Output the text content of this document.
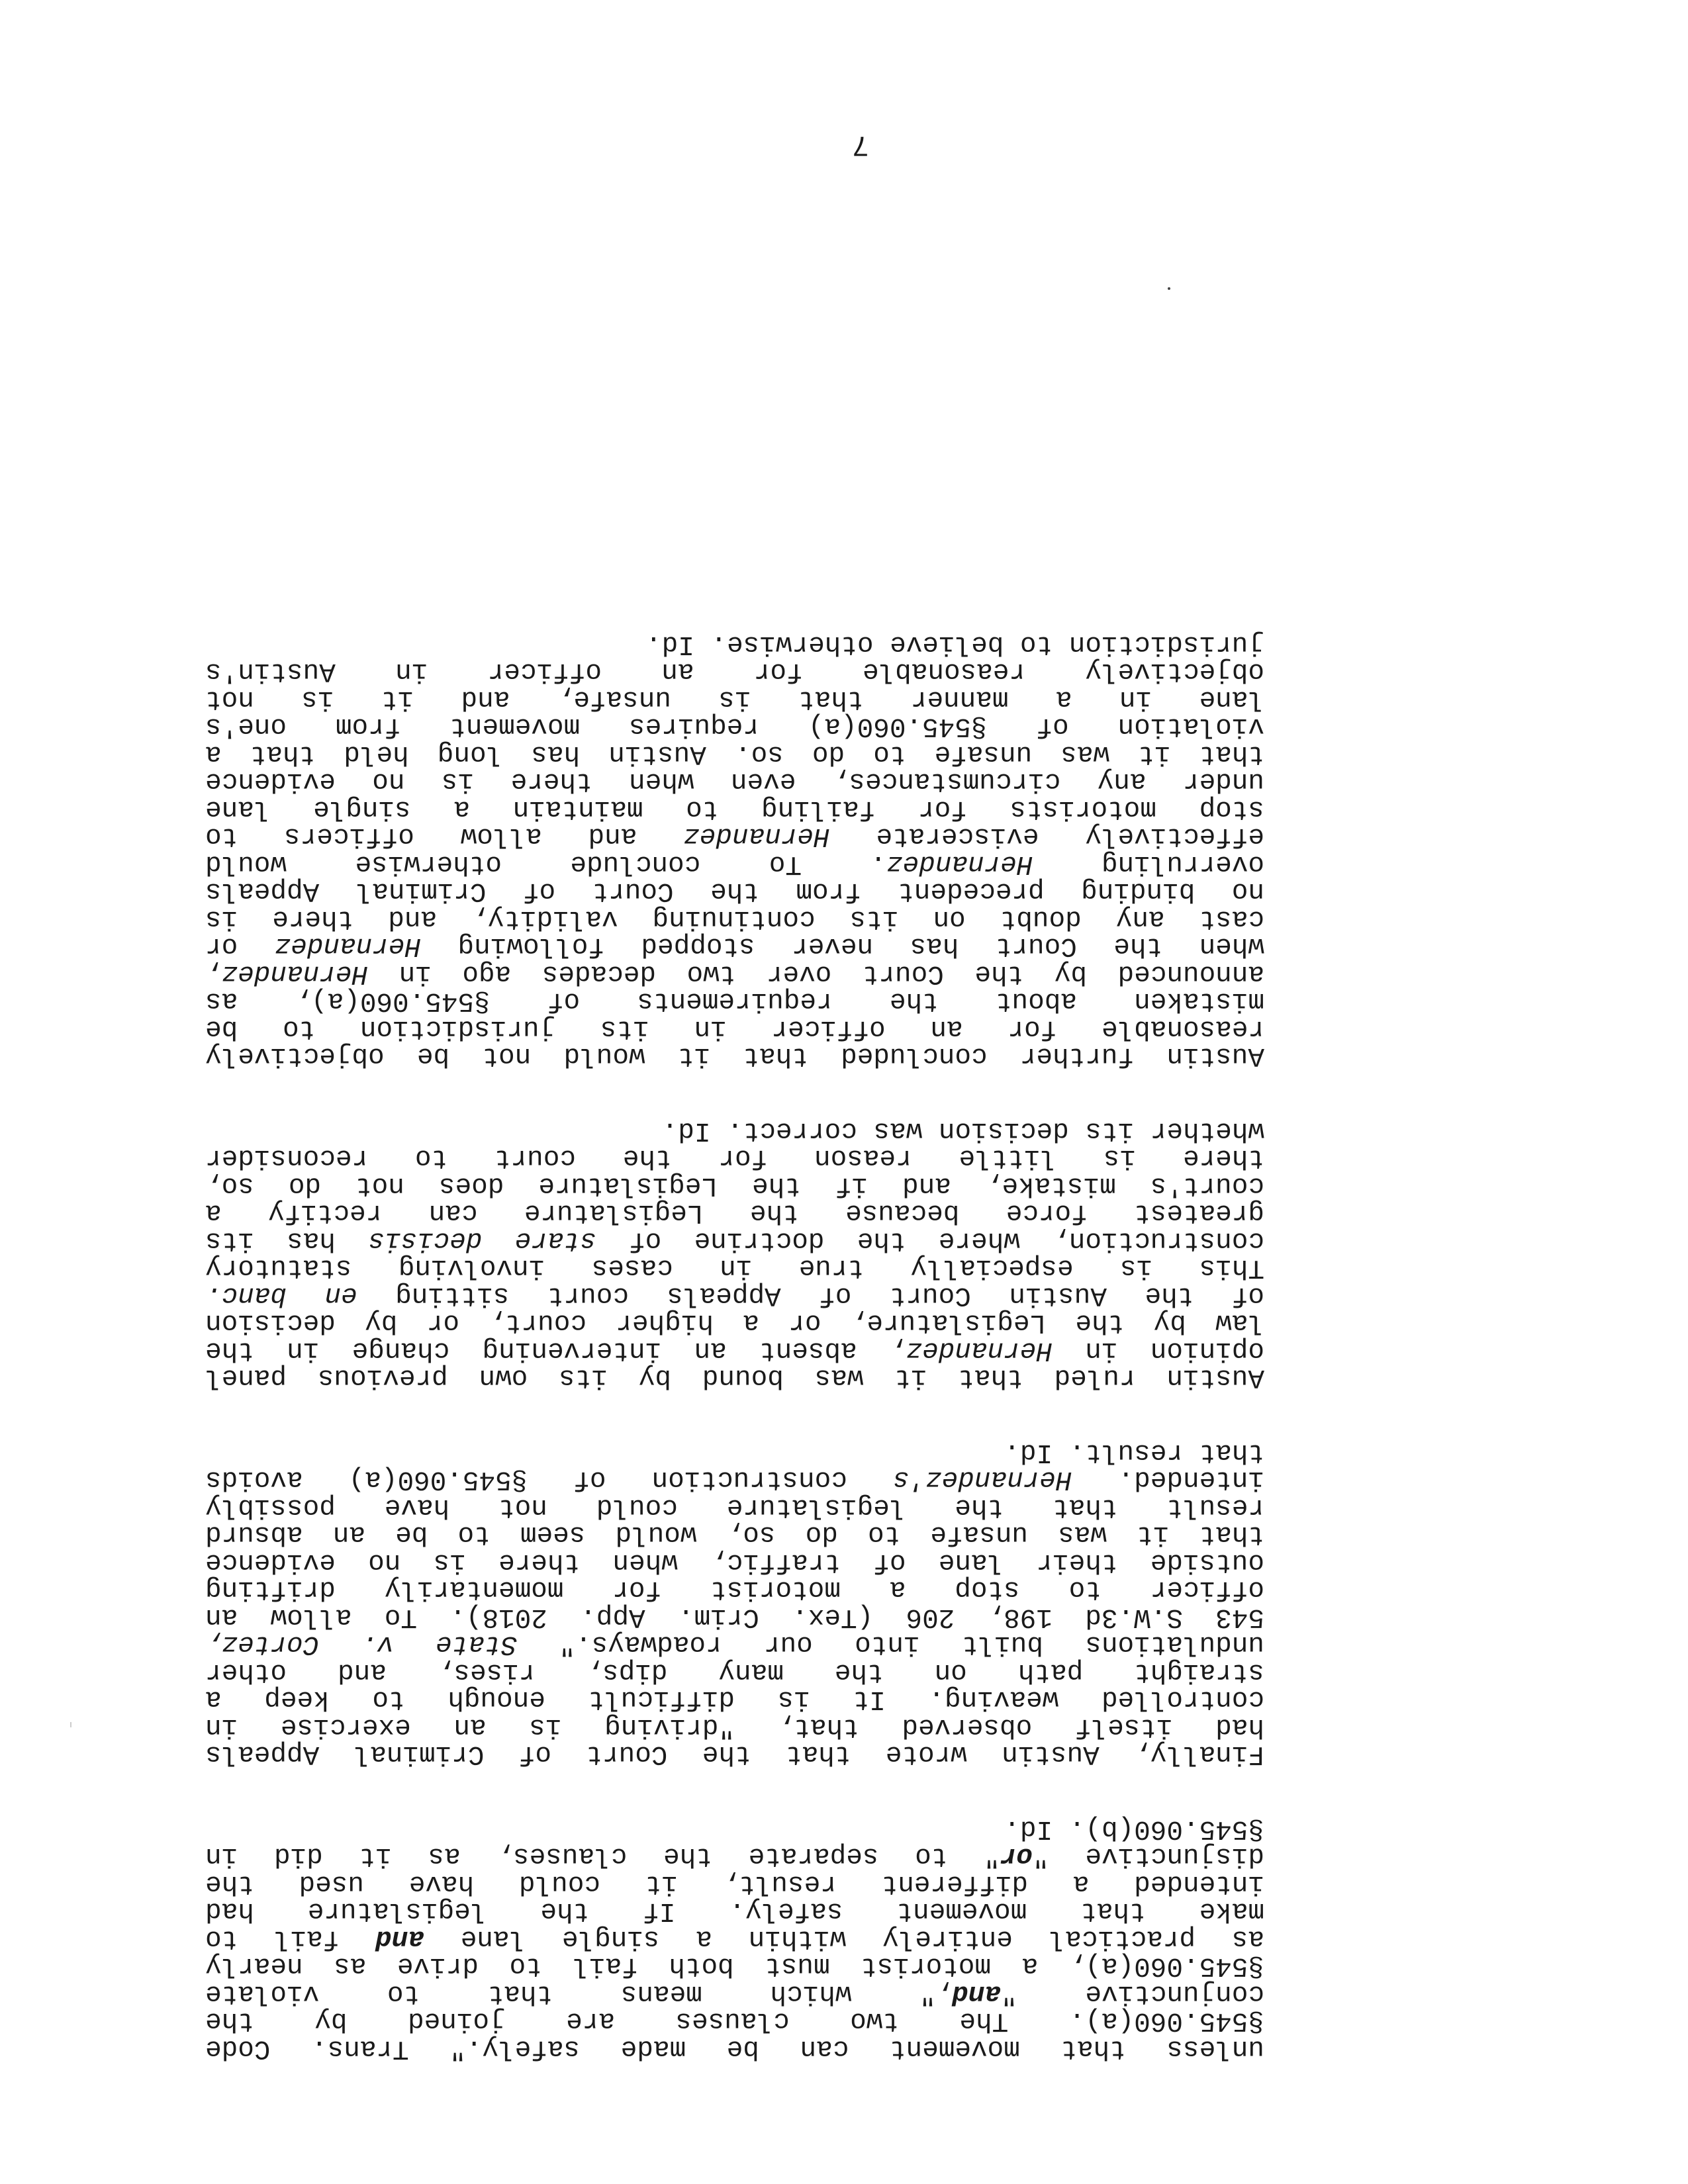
unless that movement can be made safely." Trans. Code
§545.060(a). The two clauses are joined by the
conjunctive "and," which means that to violate
§545.060(a), a motorist must both fail to drive as nearly
as practical entirely within a single lane and fail to
make that movement safely. If the legislature had
intended a different result, it could have used the
disjunctive "or" to separate the clauses, as it did in
§545.060(b). Id.
Finally, Austin wrote that the Court of Criminal Appeals
had itself observed that, "driving is an exercise in
controlled weaving. It is difficult enough to keep a
straight path on the many dips, rises, and other
undulations built into our roadways." State v. Cortez,
543 S.W.3d 198, 206 (Tex. Crim. App. 2018). To allow an
officer to stop a motorist for momentarily drifting
outside their lane of traffic, when there is no evidence
that it was unsafe to do so, would seem to be an absurd
result that the legislature could not have possibly
intended. Hernandez's construction of §545.060(a) avoids
that result. Id.
Austin ruled that it was bound by its own previous panel
opinion in Hernandez, absent an intervening change in the
law by the Legislature, or a higher court, or by decision
of the Austin Court of Appeals court sitting en banc.
This is especially true in cases involving statutory
construction, where the doctrine of stare decisis has its
greatest force because the Legislature can rectify a
court's mistake, and if the Legislature does not do so,
there is little reason for the court to reconsider
whether its decision was correct. Id.
Austin further concluded that it would not be objectively
reasonable for an officer in its jurisdiction to be
mistaken about the requirements of §545.060(a), as
announced by the Court over two decades ago in Hernandez,
when the Court has never stopped following Hernandez or
cast any doubt on its continuing validity, and there is
no binding precedent from the Court of Criminal Appeals
overruling Hernandez. To conclude otherwise would
effectively eviscerate Hernandez and allow officers to
stop motorists for failing to maintain a single lane
under any circumstances, even when there is no evidence
that it was unsafe to do so. Austin has long held that a
violation of §545.060(a) requires movement from one's
lane in a manner that is unsafe, and it is not
objectively reasonable for an officer in Austin's
jurisdiction to believe otherwise. Id.
7
